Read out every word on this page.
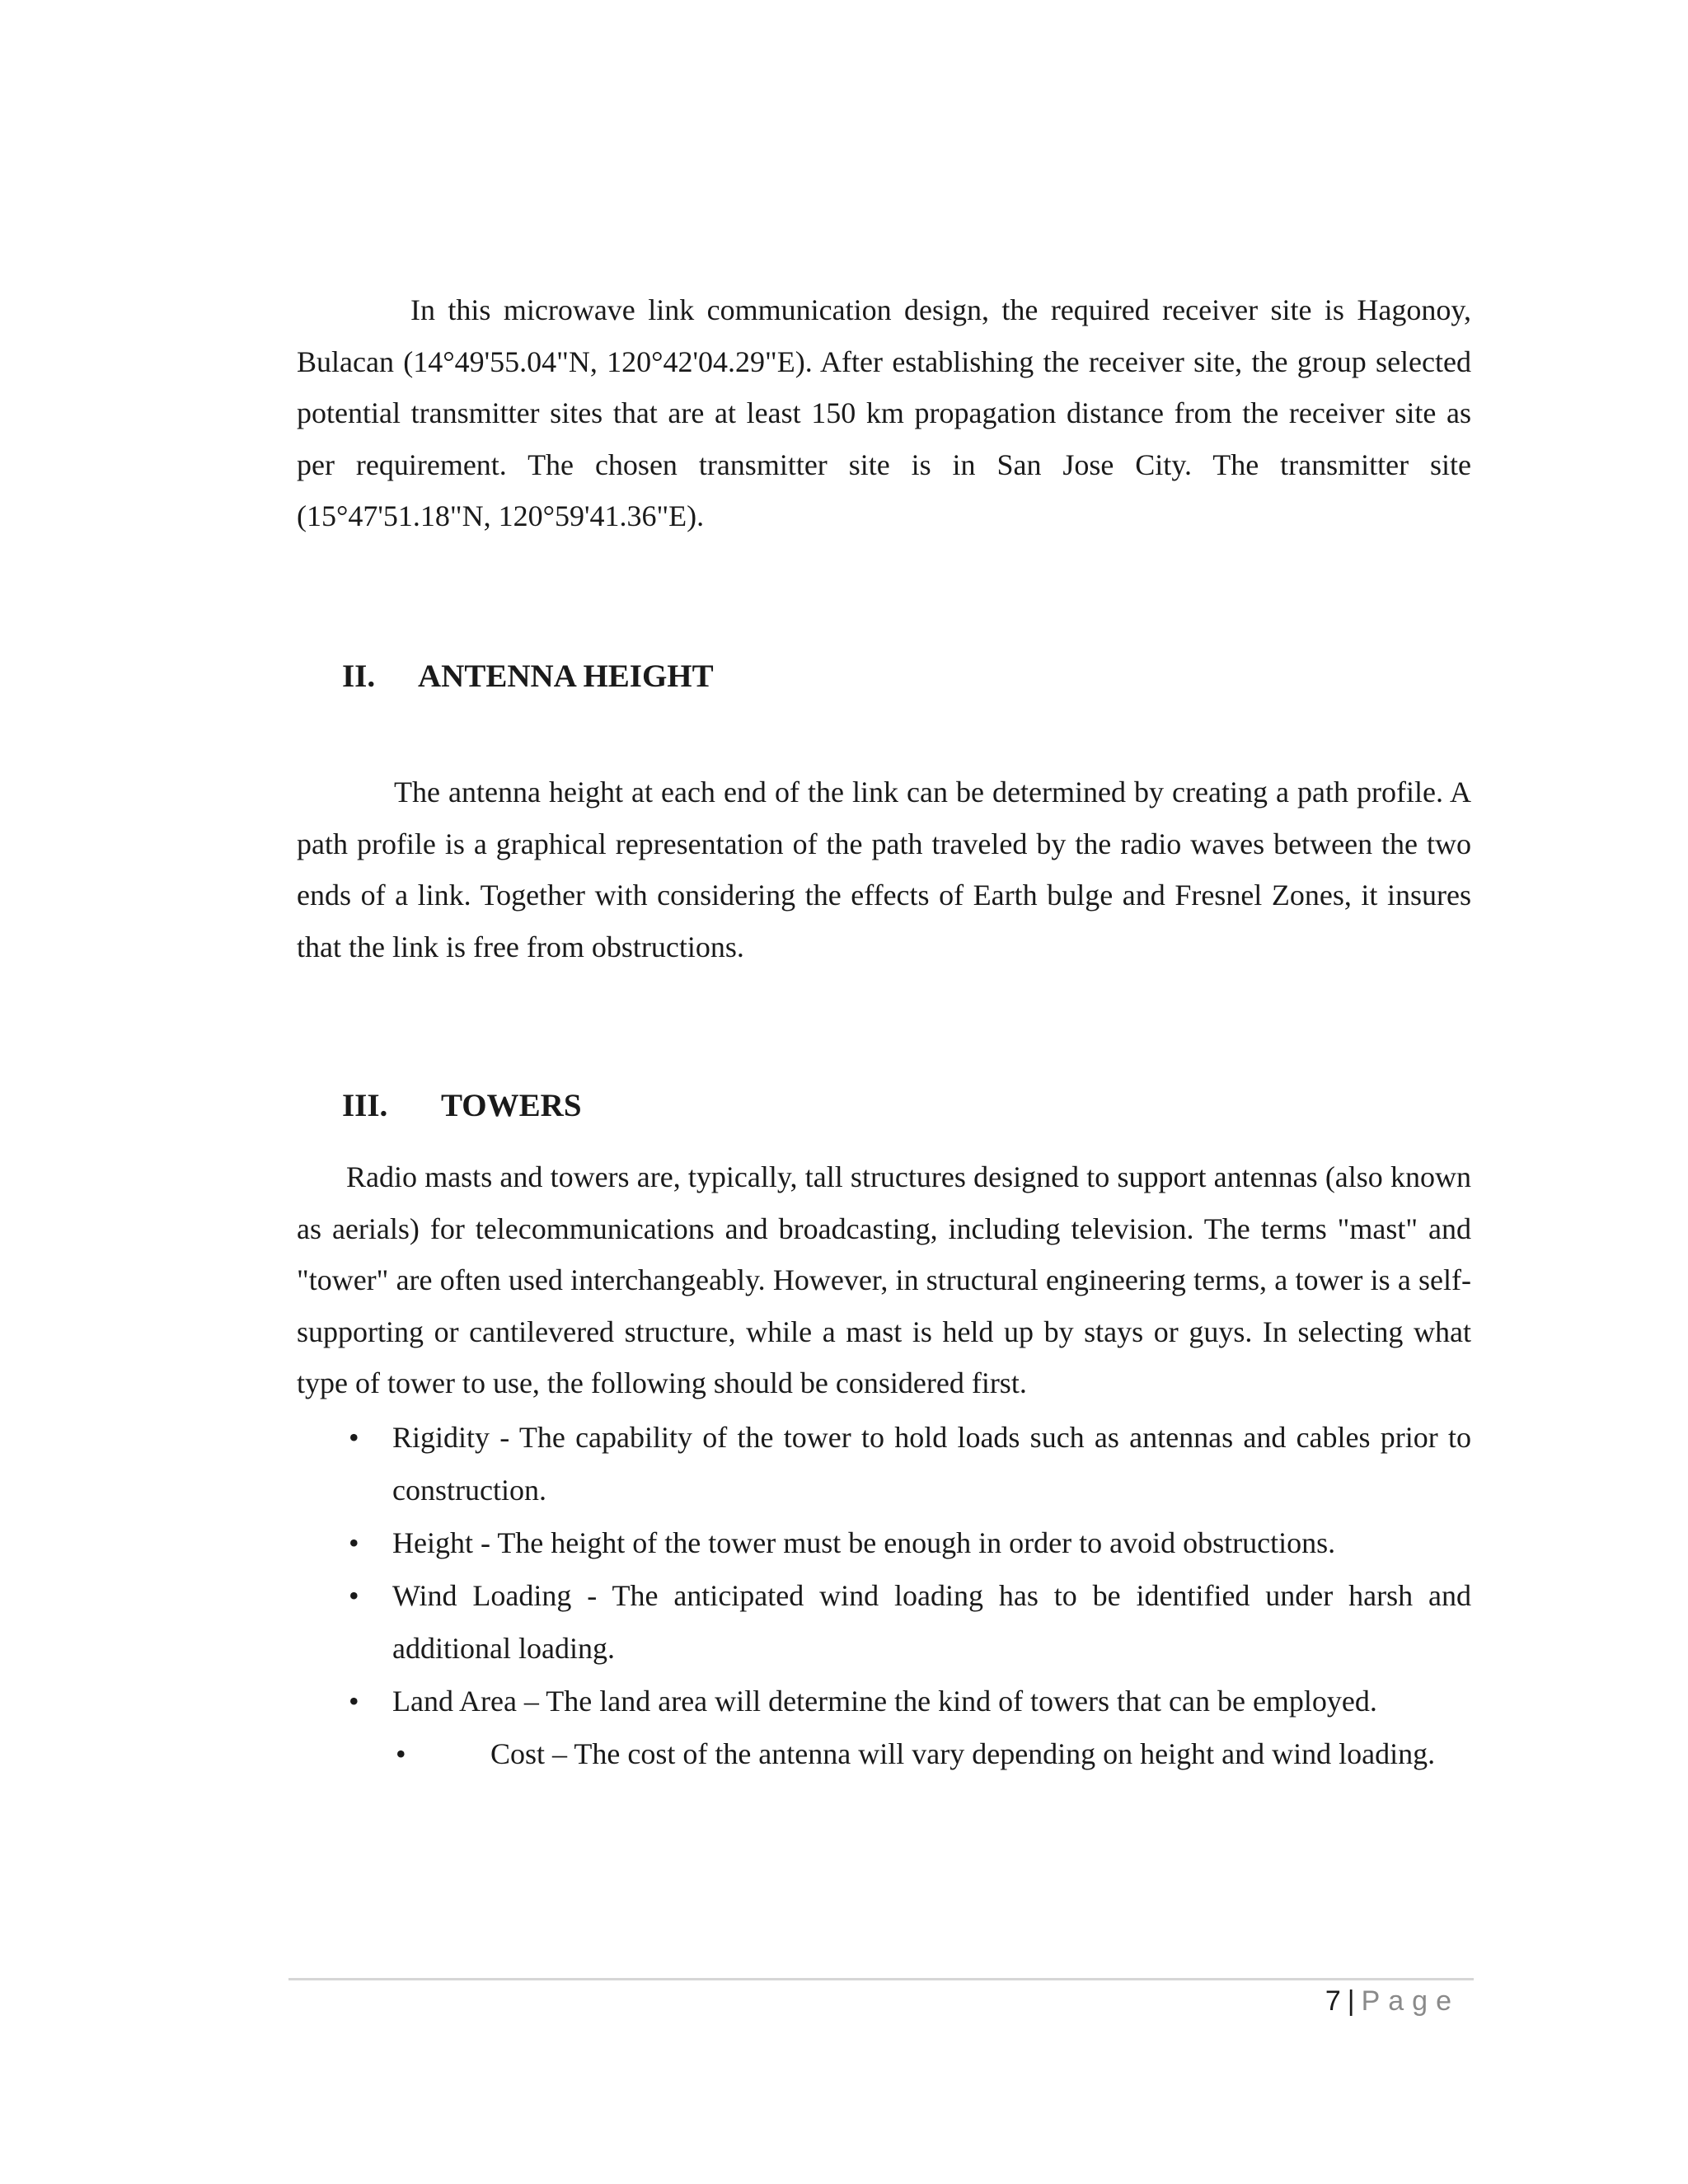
In this microwave link communication design, the required receiver site is Hagonoy, Bulacan (14°49'55.04"N, 120°42'04.29"E). After establishing the receiver site, the group selected potential transmitter sites that are at least 150 km propagation distance from the receiver site as per requirement. The chosen transmitter site is in San Jose City. The transmitter site (15°47'51.18"N, 120°59'41.36"E).

II. ANTENNA HEIGHT

The antenna height at each end of the link can be determined by creating a path profile. A path profile is a graphical representation of the path traveled by the radio waves between the two ends of a link. Together with considering the effects of Earth bulge and Fresnel Zones, it insures that the link is free from obstructions.

III. TOWERS

Radio masts and towers are, typically, tall structures designed to support antennas (also known as aerials) for telecommunications and broadcasting, including television. The terms "mast" and "tower" are often used interchangeably. However, in structural engineering terms, a tower is a self-supporting or cantilevered structure, while a mast is held up by stays or guys. In selecting what type of tower to use, the following should be considered first.

• Rigidity - The capability of the tower to hold loads such as antennas and cables prior to construction.
• Height - The height of the tower must be enough in order to avoid obstructions.
• Wind Loading - The anticipated wind loading has to be identified under harsh and additional loading.
• Land Area – The land area will determine the kind of towers that can be employed.
•	Cost – The cost of the antenna will vary depending on height and wind loading.
7 | Page
